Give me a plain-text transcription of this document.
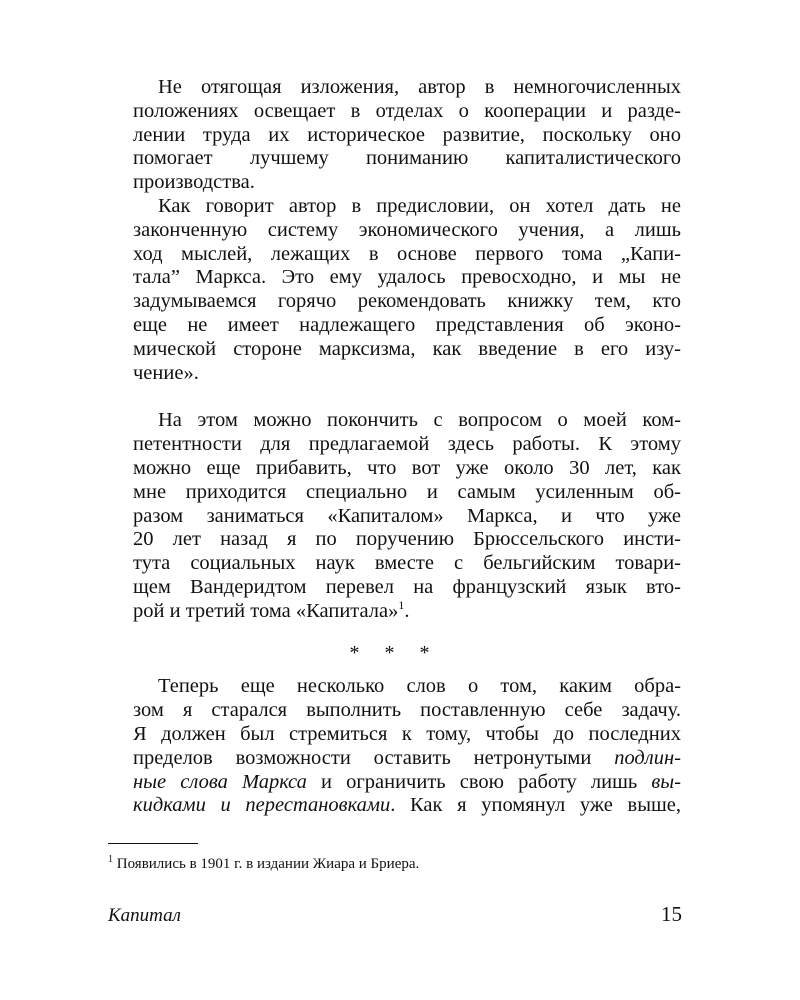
Не отягощая изложения, автор в немногочисленных
положениях освещает в отделах о кооперации и разде-
лении труда их историческое развитие, поскольку оно
помогает лучшему пониманию капиталистического
производства.
Как говорит автор в предисловии, он хотел дать не
законченную систему экономического учения, а лишь
ход мыслей, лежащих в основе первого тома „Капи-
тала” Маркса. Это ему удалось превосходно, и мы не
задумываемся горячо рекомендовать книжку тем, кто
еще не имеет надлежащего представления об эконо-
мической стороне марксизма, как введение в его изу-
чение».
На этом можно покончить с вопросом о моей ком-
петентности для предлагаемой здесь работы. К этому
можно еще прибавить, что вот уже около 30 лет, как
мне приходится специально и самым усиленным об-
разом заниматься «Капиталом» Маркса, и что уже
20 лет назад я по поручению Брюссельского инсти-
тута социальных наук вместе с бельгийским товари-
щем Вандеридтом перевел на французский язык вто-
рой и третий тома «Капитала»$^1$.
* * *
Теперь еще несколько слов о том, каким обра-
зом я старался выполнить поставленную себе задачу.
Я должен был стремиться к тому, чтобы до последних
пределов возможности оставить нетронутыми подлин-
ные слова Маркса и ограничить свою работу лишь вы-
кидками и перестановками. Как я упомянул уже выше,
$^1$ Появились в 1901 г. в издании Жиара и Бриера.
Капитал	15
